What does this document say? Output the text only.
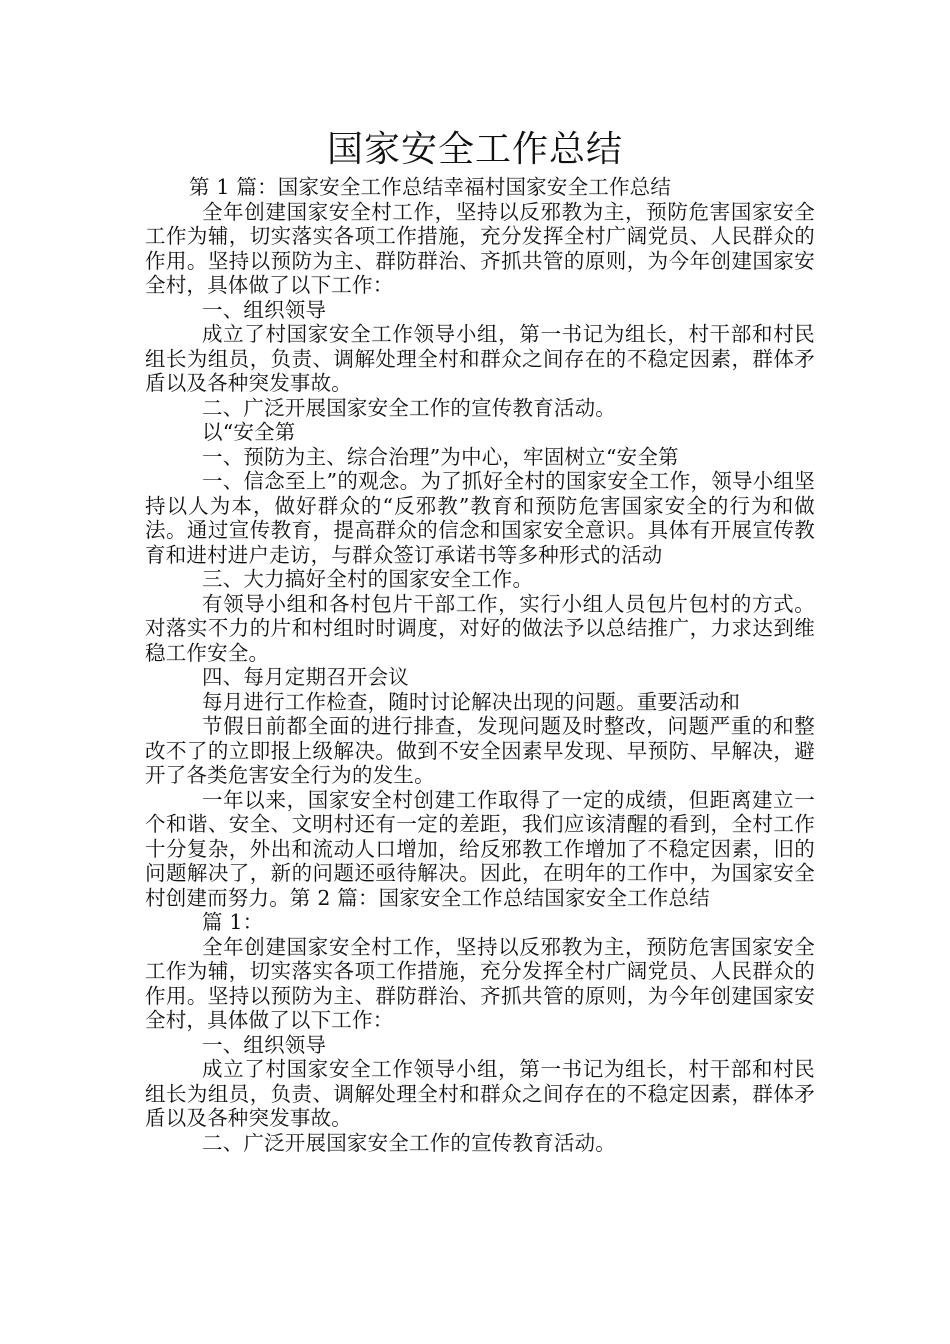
国家安全工作总结

第 1 篇：国家安全工作总结幸福村国家安全工作总结

全年创建国家安全村工作，坚持以反邪教为主，预防危害国家安全工作为辅，切实落实各项工作措施，充分发挥全村广阔党员、人民群众的作用。坚持以预防为主、群防群治、齐抓共管的原则，为今年创建国家安全村，具体做了以下工作：

一、组织领导

成立了村国家安全工作领导小组，第一书记为组长，村干部和村民组长为组员，负责、调解处理全村和群众之间存在的不稳定因素，群体矛盾以及各种突发事故。

二、广泛开展国家安全工作的宣传教育活动。

以“安全第

一、预防为主、综合治理”为中心，牢固树立“安全第

一、信念至上”的观念。为了抓好全村的国家安全工作，领导小组坚持以人为本，做好群众的“反邪教”教育和预防危害国家安全的行为和做法。通过宣传教育，提高群众的信念和国家安全意识。具体有开展宣传教育和进村进户走访，与群众签订承诺书等多种形式的活动

三、大力搞好全村的国家安全工作。

有领导小组和各村包片干部工作，实行小组人员包片包村的方式。对落实不力的片和村组时时调度，对好的做法予以总结推广，力求达到维稳工作安全。

四、每月定期召开会议

每月进行工作检查，随时讨论解决出现的问题。重要活动和

节假日前都全面的进行排查，发现问题及时整改，问题严重的和整改不了的立即报上级解决。做到不安全因素早发现、早预防、早解决，避开了各类危害安全行为的发生。

一年以来，国家安全村创建工作取得了一定的成绩，但距离建立一个和谐、安全、文明村还有一定的差距，我们应该清醒的看到，全村工作十分复杂，外出和流动人口增加，给反邪教工作增加了不稳定因素，旧的问题解决了，新的问题还亟待解决。因此，在明年的工作中，为国家安全村创建而努力。第 2 篇：国家安全工作总结国家安全工作总结

篇 1：

全年创建国家安全村工作，坚持以反邪教为主，预防危害国家安全工作为辅，切实落实各项工作措施，充分发挥全村广阔党员、人民群众的作用。坚持以预防为主、群防群治、齐抓共管的原则，为今年创建国家安全村，具体做了以下工作：

一、组织领导

成立了村国家安全工作领导小组，第一书记为组长，村干部和村民组长为组员，负责、调解处理全村和群众之间存在的不稳定因素，群体矛盾以及各种突发事故。

二、广泛开展国家安全工作的宣传教育活动。
